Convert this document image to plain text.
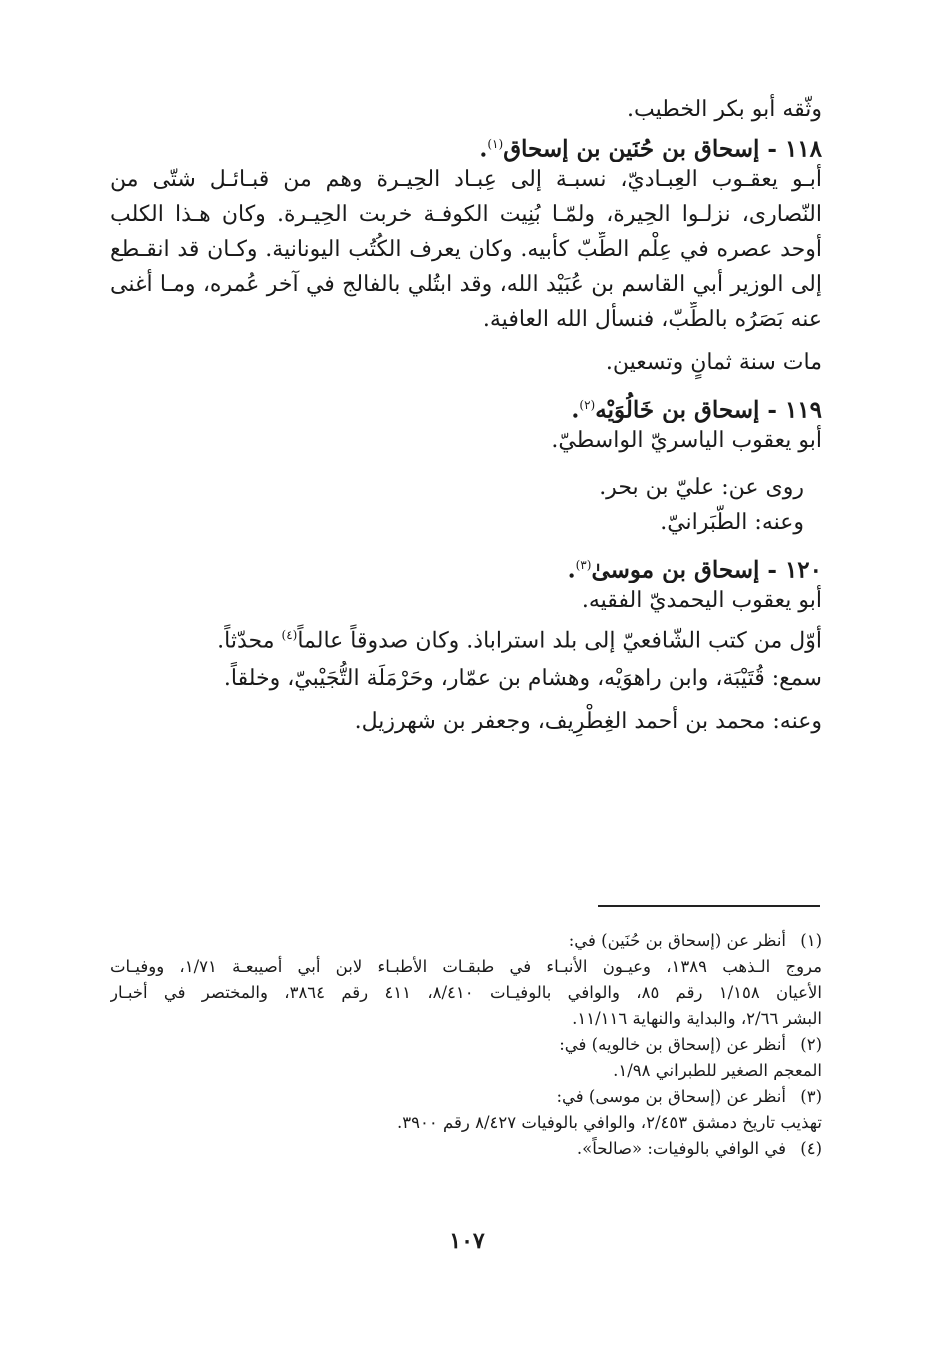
وثّقه أبو بكر الخطيب.
١١٨ - إسحاق بن حُنَين بن إسحاق$^{(١)}$.
أبـو يعقـوب العِبـاديّ، نسبـة إلى عِبـاد الحِيـرة وهم من قبـائـل شتّى من
النّصارى، نزلـوا الحِيرة، ولمّـا بُنِيت الكوفـة خربت الحِيـرة. وكان هـذا الكلب
أوحد عصره في عِلْم الطِّبّ كأبيه. وكان يعرف الكُتُب اليونانية. وكـان قد انقـطع
إلى الوزير أبي القاسم بن عُبَيْد الله، وقد ابتُلي بالفالج في آخر عُمره، ومـا أغنى
عنه بَصَرُه بالطِّبّ، فنسأل الله العافية.
مات سنة ثمانٍ وتسعين.
١١٩ - إسحاق بن خَالُوَيْه$^{(٢)}$.
أبو يعقوب الياسريّ الواسطيّ.
روى عن: عليّ بن بحر.
وعنه: الطَّبَرانيّ.
١٢٠ - إسحاق بن موسىٰ$^{(٣)}$.
أبو يعقوب اليحمديّ الفقيه.
أوّل من كتب الشّافعيّ إلى بلد استراباذ. وكان صدوقاً عالماً$^{(٤)}$ محدّثاً.
سمع: قُتَيْبَة، وابن راهوَيْه، وهشام بن عمّار، وحَرْمَلَة التُّجَيْبيّ، وخلقاً.
وعنه: محمد بن أحمد الغِطْرِيف، وجعفر بن شهرزيل.
(١)أنظر عن (إسحاق بن حُنَين) في:
مروج الـذهب ١٣٨٩، وعيـون الأنبـاء في طبقـات الأطبـاء لابن أبي أصيبعـة ١/٧١، ووفيـات
الأعيان ١/١٥٨ رقم ٨٥، والوافي بالوفيـات ٨/٤١٠، ٤١١ رقم ٣٨٦٤، والمختصر في أخبـار
البشر ٢/٦٦، والبداية والنهاية ١١/١١٦.
(٢)أنظر عن (إسحاق بن خالويه) في:
المعجم الصغير للطبراني ١/٩٨.
(٣)أنظر عن (إسحاق بن موسى) في:
تهذيب تاريخ دمشق ٢/٤٥٣، والوافي بالوفيات ٨/٤٢٧ رقم ٣٩٠٠.
(٤)في الوافي بالوفيات: «صالحاً».
١٠٧
